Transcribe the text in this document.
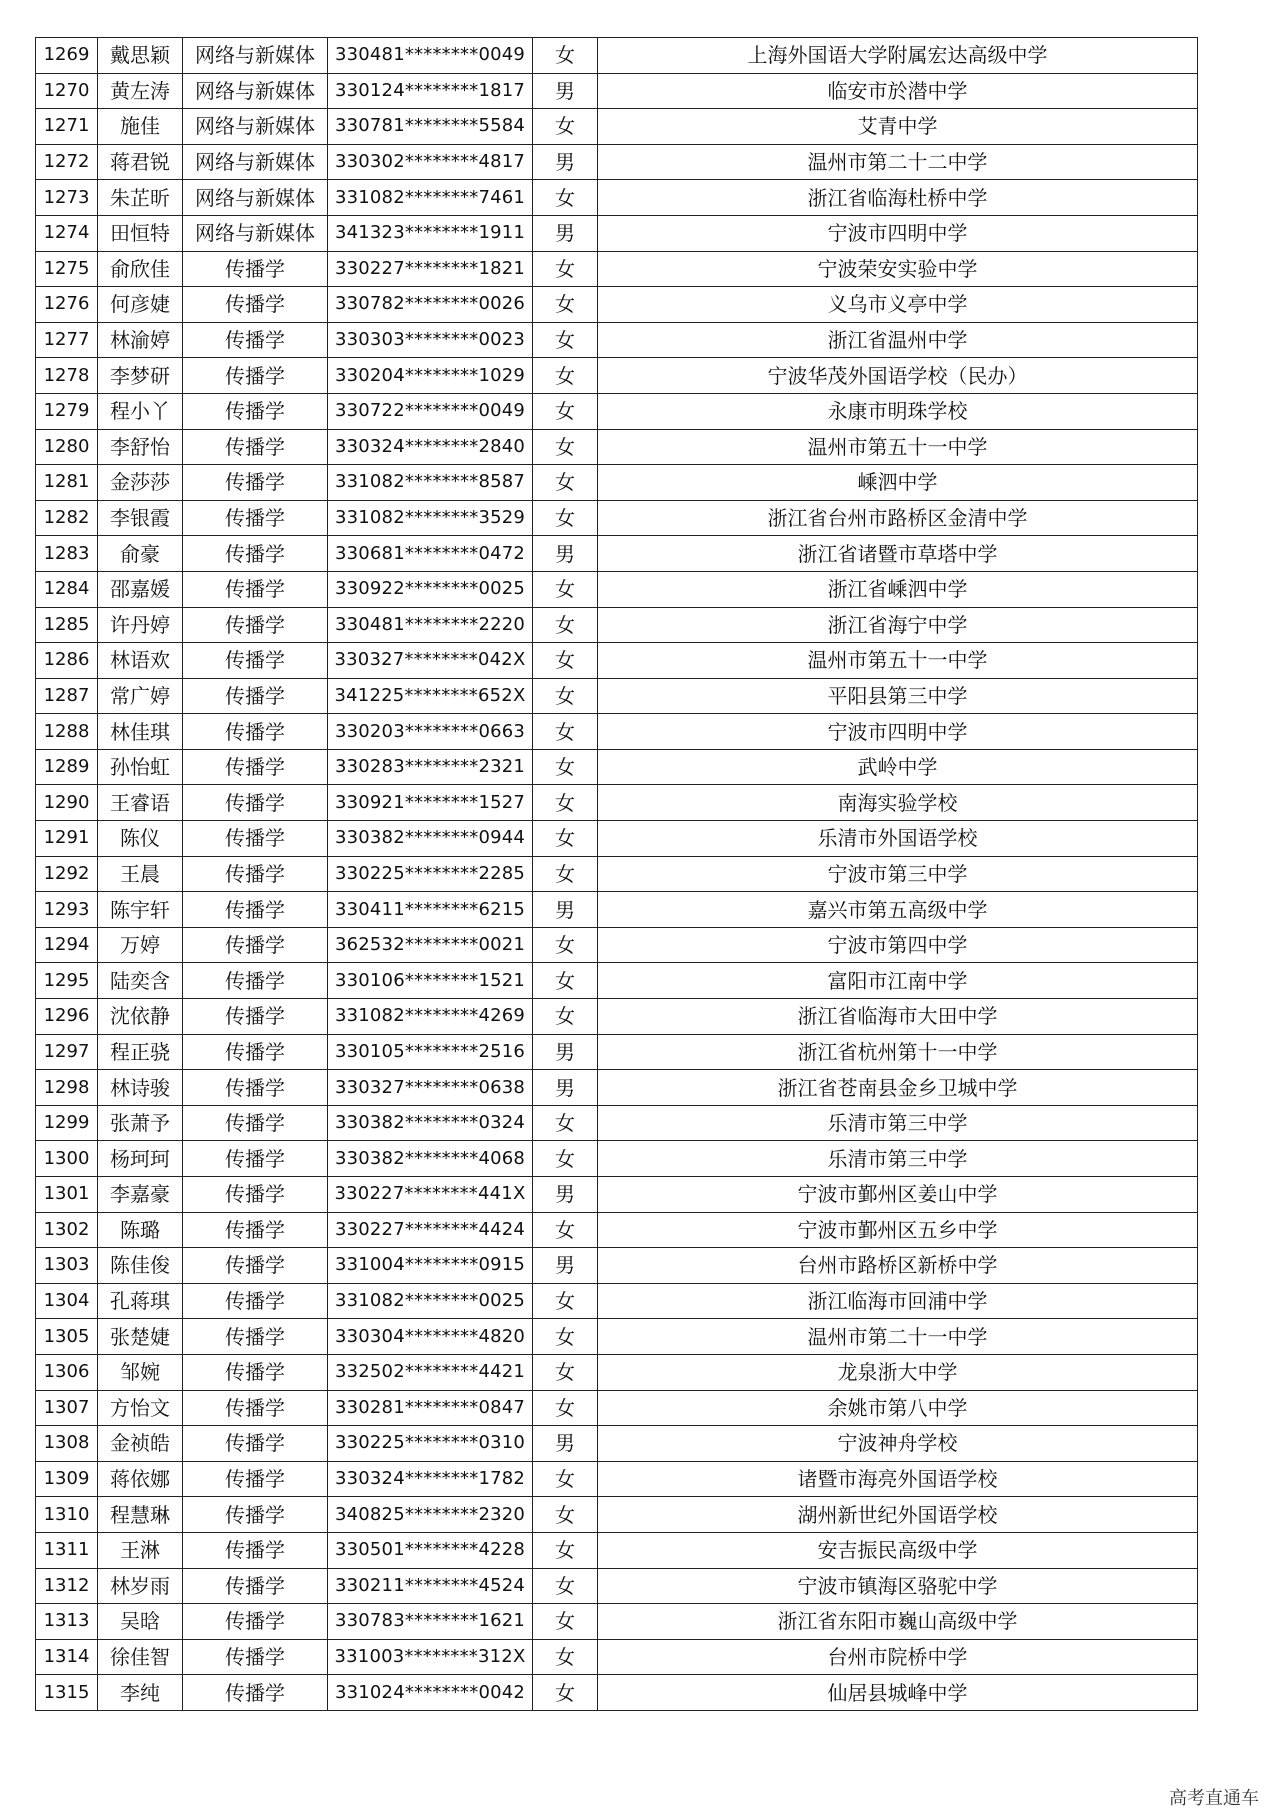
1269	戴思颖	网络与新媒体	330481********0049	女	上海外国语大学附属宏达高级中学
1270	黄左涛	网络与新媒体	330124********1817	男	临安市於潜中学
1271	施佳	网络与新媒体	330781********5584	女	艾青中学
1272	蒋君锐	网络与新媒体	330302********4817	男	温州市第二十二中学
1273	朱芷昕	网络与新媒体	331082********7461	女	浙江省临海杜桥中学
1274	田恒特	网络与新媒体	341323********1911	男	宁波市四明中学
1275	俞欣佳	传播学	330227********1821	女	宁波荣安实验中学
1276	何彦婕	传播学	330782********0026	女	义乌市义亭中学
1277	林渝婷	传播学	330303********0023	女	浙江省温州中学
1278	李梦研	传播学	330204********1029	女	宁波华茂外国语学校（民办）
1279	程小丫	传播学	330722********0049	女	永康市明珠学校
1280	李舒怡	传播学	330324********2840	女	温州市第五十一中学
1281	金莎莎	传播学	331082********8587	女	嵊泗中学
1282	李银霞	传播学	331082********3529	女	浙江省台州市路桥区金清中学
1283	俞豪	传播学	330681********0472	男	浙江省诸暨市草塔中学
1284	邵嘉媛	传播学	330922********0025	女	浙江省嵊泗中学
1285	许丹婷	传播学	330481********2220	女	浙江省海宁中学
1286	林语欢	传播学	330327********042X	女	温州市第五十一中学
1287	常广婷	传播学	341225********652X	女	平阳县第三中学
1288	林佳琪	传播学	330203********0663	女	宁波市四明中学
1289	孙怡虹	传播学	330283********2321	女	武岭中学
1290	王睿语	传播学	330921********1527	女	南海实验学校
1291	陈仪	传播学	330382********0944	女	乐清市外国语学校
1292	王晨	传播学	330225********2285	女	宁波市第三中学
1293	陈宇轩	传播学	330411********6215	男	嘉兴市第五高级中学
1294	万婷	传播学	362532********0021	女	宁波市第四中学
1295	陆奕含	传播学	330106********1521	女	富阳市江南中学
1296	沈依静	传播学	331082********4269	女	浙江省临海市大田中学
1297	程正骁	传播学	330105********2516	男	浙江省杭州第十一中学
1298	林诗骏	传播学	330327********0638	男	浙江省苍南县金乡卫城中学
1299	张萧予	传播学	330382********0324	女	乐清市第三中学
1300	杨珂珂	传播学	330382********4068	女	乐清市第三中学
1301	李嘉豪	传播学	330227********441X	男	宁波市鄞州区姜山中学
1302	陈璐	传播学	330227********4424	女	宁波市鄞州区五乡中学
1303	陈佳俊	传播学	331004********0915	男	台州市路桥区新桥中学
1304	孔蒋琪	传播学	331082********0025	女	浙江临海市回浦中学
1305	张楚婕	传播学	330304********4820	女	温州市第二十一中学
1306	邹婉	传播学	332502********4421	女	龙泉浙大中学
1307	方怡文	传播学	330281********0847	女	余姚市第八中学
1308	金祯皓	传播学	330225********0310	男	宁波神舟学校
1309	蒋依娜	传播学	330324********1782	女	诸暨市海亮外国语学校
1310	程慧琳	传播学	340825********2320	女	湖州新世纪外国语学校
1311	王淋	传播学	330501********4228	女	安吉振民高级中学
1312	林岁雨	传播学	330211********4524	女	宁波市镇海区骆驼中学
1313	吴晗	传播学	330783********1621	女	浙江省东阳市巍山高级中学
1314	徐佳智	传播学	331003********312X	女	台州市院桥中学
1315	李纯	传播学	331024********0042	女	仙居县城峰中学
高考直通车
